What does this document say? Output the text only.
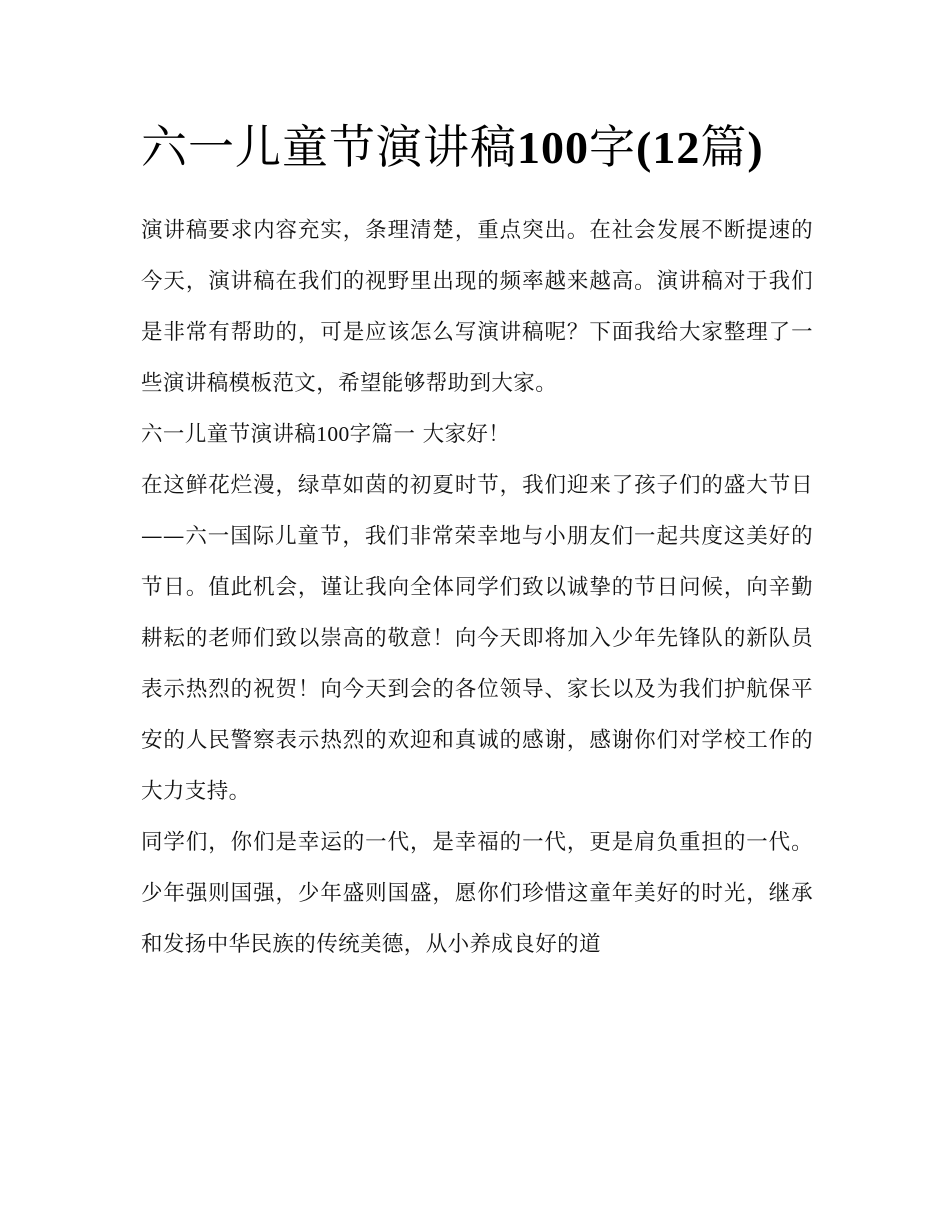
六一儿童节演讲稿100字(12篇)

演讲稿要求内容充实，条理清楚，重点突出。在社会发展不断提速的今天，演讲稿在我们的视野里出现的频率越来越高。演讲稿对于我们是非常有帮助的，可是应该怎么写演讲稿呢？下面我给大家整理了一些演讲稿模板范文，希望能够帮助到大家。

六一儿童节演讲稿100字篇一 大家好！

在这鲜花烂漫，绿草如茵的初夏时节，我们迎来了孩子们的盛大节日——六一国际儿童节，我们非常荣幸地与小朋友们一起共度这美好的节日。值此机会，谨让我向全体同学们致以诚挚的节日问候，向辛勤耕耘的老师们致以崇高的敬意！向今天即将加入少年先锋队的新队员表示热烈的祝贺！向今天到会的各位领导、家长以及为我们护航保平安的人民警察表示热烈的欢迎和真诚的感谢，感谢你们对学校工作的大力支持。

同学们，你们是幸运的一代，是幸福的一代，更是肩负重担的一代。少年强则国强，少年盛则国盛，愿你们珍惜这童年美好的时光，继承和发扬中华民族的传统美德，从小养成良好的道
